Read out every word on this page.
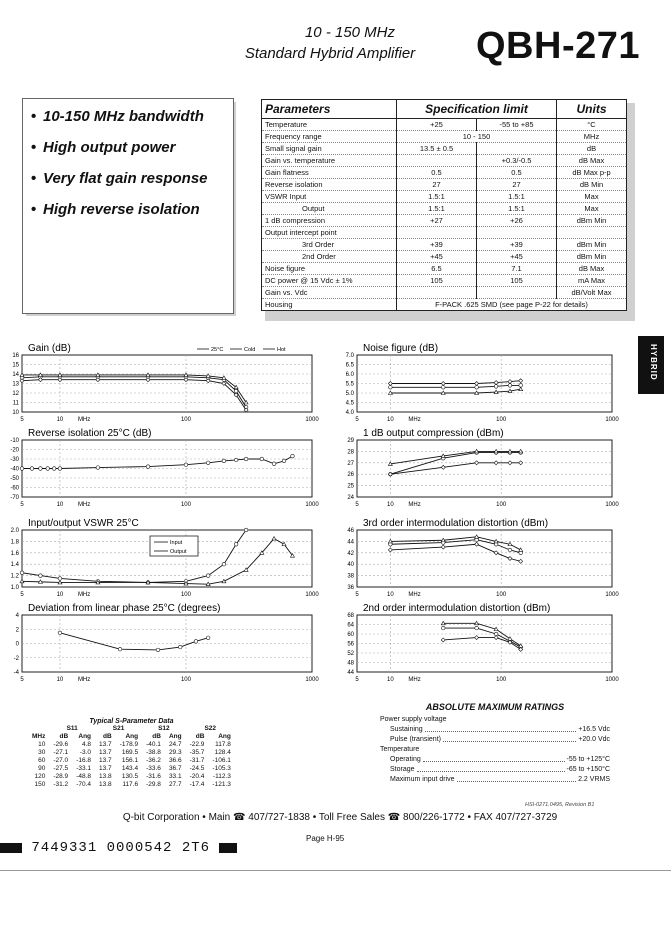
10 - 150 MHz
Standard Hybrid Amplifier	QBH-271
• 10-150 MHz bandwidth
• High output power
• Very flat gain response
• High reverse isolation
Parameters	Specification limit		Units
Temperature	+25	-55 to +85	°C
Frequency range	10 - 150		MHz
Small signal gain	13.5 ± 0.5		dB
Gain vs. temperature		+0.3/-0.5	dB Max
Gain flatness	0.5	0.5	dB Max p-p
Reverse isolation	27	27	dB Min
VSWR Input	1.5:1	1.5:1	Max
Output	1.5:1	1.5:1	Max
1 dB compression	+27	+26	dBm Min
Output intercept point			
3rd Order	+39	+39	dBm Min
2nd Order	+45	+45	dBm Min
Noise figure	6.5	7.1	dB Max
DC power @ 15 Vdc ± 1%	105	105	mA Max
Gain vs. Vdc			dB/Volt Max
Housing	F-PACK .625 SMD (see page P-22 for details)		
HYBRID
Gain (dB)
16
15
14
13
12
11
10
5	10	100	1000
MHz
25°C	Cold	Hot	Noise figure (dB)
7.0
6.5
6.0
5.5
5.0
4.5
4.0
5	10	100	1000
MHz
Reverse isolation 25°C (dB)
-10
-20
-30
-40
-50
-60
-70
5	10	100	1000
MHz
1 dB output compression (dBm)
29
28
27
26
25
24
5	10	100	1000
MHz
Input/output VSWR 25°C
2.0
1.8
1.6
1.4
1.2
1.0
5	10	100	1000
MHz
Input
Output
3rd order intermodulation distortion (dBm)
46
44
42
40
38
36
5	10	100	1000
MHz
Deviation from linear phase 25°C (degrees)
4
2
0
-2
-4
5	10	100	1000
MHz
2nd order intermodulation distortion (dBm)
68
64
60
56
52
48
44
5	10	100	1000
MHz
Typical S-Parameter Data
	S11		S21		S12		S22	
MHz	dB	Ang	dB	Ang	dB	Ang	dB	Ang
10	-29.6	4.8	13.7	-178.9	-40.1	24.7	-22.9	117.8
30	-27.1	-3.0	13.7	169.5	-38.8	29.3	-35.7	128.4
60	-27.0	-16.8	13.7	156.1	-36.2	36.6	-31.7	-106.1
90	-27.5	-33.1	13.7	143.4	-33.6	36.7	-24.5	-105.3
120	-28.9	-48.8	13.8	130.5	-31.6	33.1	-20.4	-112.3
150	-31.2	-70.4	13.8	117.6	-29.8	27.7	-17.4	-121.3
ABSOLUTE MAXIMUM RATINGS
Power supply voltage
Sustaining	+16.5 Vdc
Pulse (transient)	+20.0 Vdc
Temperature
Operating	-55 to +125°C
Storage	-65 to +150°C
Maximum input drive	2.2 VRMS
HSI-0271.0495, Revision B1
Q-bit Corporation • Main ☎ 407/727-1838 • Toll Free Sales ☎ 800/226-1772 • FAX 407/727-3729
Page H-95
7449331 0000542 2T6
